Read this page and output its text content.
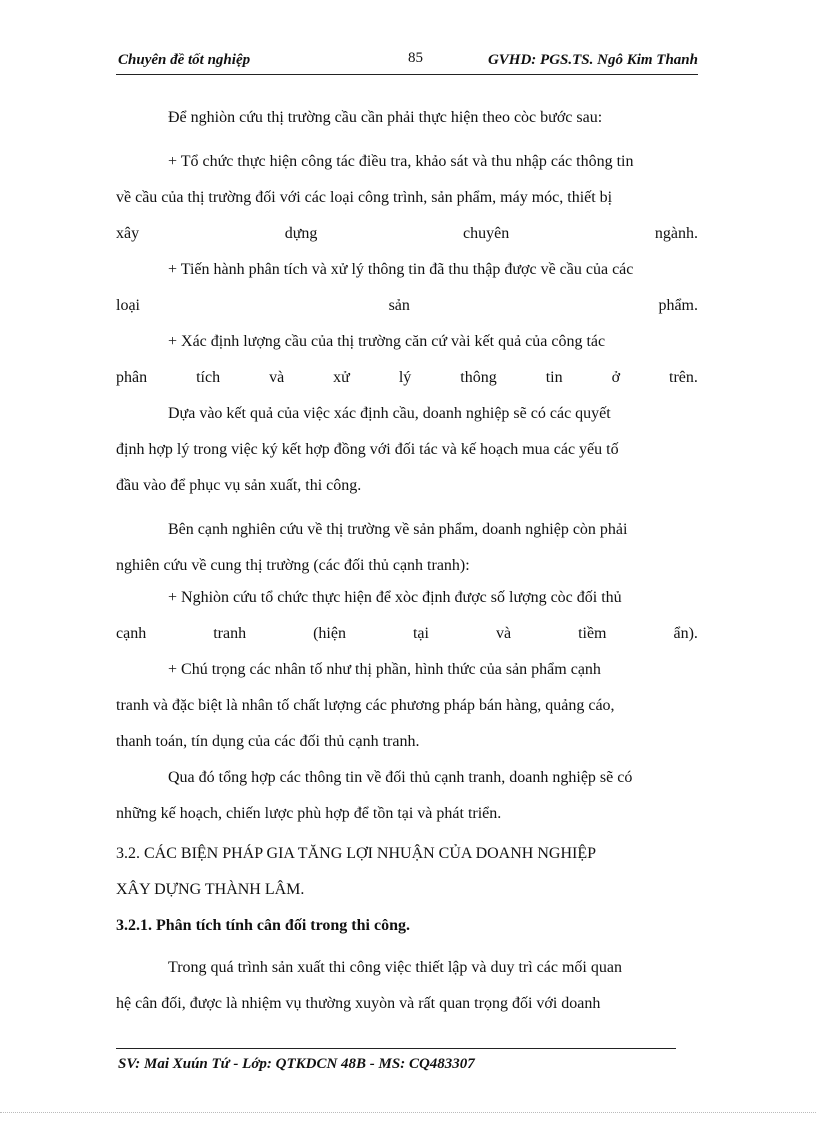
Chuyên đề tốt nghiệp	85	GVHD: PGS.TS. Ngô Kim Thanh

Để nghiòn cứu thị trường cầu cần phải thực hiện theo còc bước sau:

+ Tổ chức thực hiện công tác điều tra, khảo sát và thu nhập các thông tin
về cầu của thị trường đối với các loại công trình, sản phẩm, máy móc, thiết bị
xây	dựng	chuyên	ngành.

+ Tiến hành phân tích và xử lý thông tin đã thu thập được về cầu của các
loại	sản	phẩm.

+ Xác định lượng cầu của thị trường căn cứ vài kết quả của công tác
phân	tích	và	xử	lý	thông	tin	ở	trên.

Dựa vào kết quả của việc xác định cầu, doanh nghiệp sẽ có các quyết
định hợp lý trong việc ký kết hợp đồng với đối tác và kế hoạch mua các yếu tố
đầu vào để phục vụ sản xuất, thi công.

Bên cạnh nghiên cứu về thị trường về sản phẩm, doanh nghiệp còn phải
nghiên cứu về cung thị trường (các đối thủ cạnh tranh):

+ Nghiòn cứu tổ chức thực hiện để xòc định được số lượng còc đối thủ
cạnh	tranh	(hiện	tại	và	tiềm	ẩn).

+ Chú trọng các nhân tố như thị phần, hình thức của sản phẩm cạnh
tranh và đặc biệt là nhân tố chất lượng các phương pháp bán hàng, quảng cáo,
thanh toán, tín dụng của các đối thủ cạnh tranh.

Qua đó tổng hợp các thông tin về đối thủ cạnh tranh, doanh nghiệp sẽ có
những kế hoạch, chiến lược phù hợp để tồn tại và phát triển.

3.2. CÁC BIỆN PHÁP GIA TĂNG LỢI NHUẬN CỦA DOANH NGHIỆP
XÂY DỰNG THÀNH LÂM.

3.2.1. Phân tích tính cân đối trong thi công.

Trong quá trình sản xuất thi công việc thiết lập và duy trì các mối quan
hệ cân đối, được là nhiệm vụ thường xuyòn và rất quan trọng đối với doanh

SV: Mai Xuún Tứ - Lớp: QTKDCN 48B - MS: CQ483307
